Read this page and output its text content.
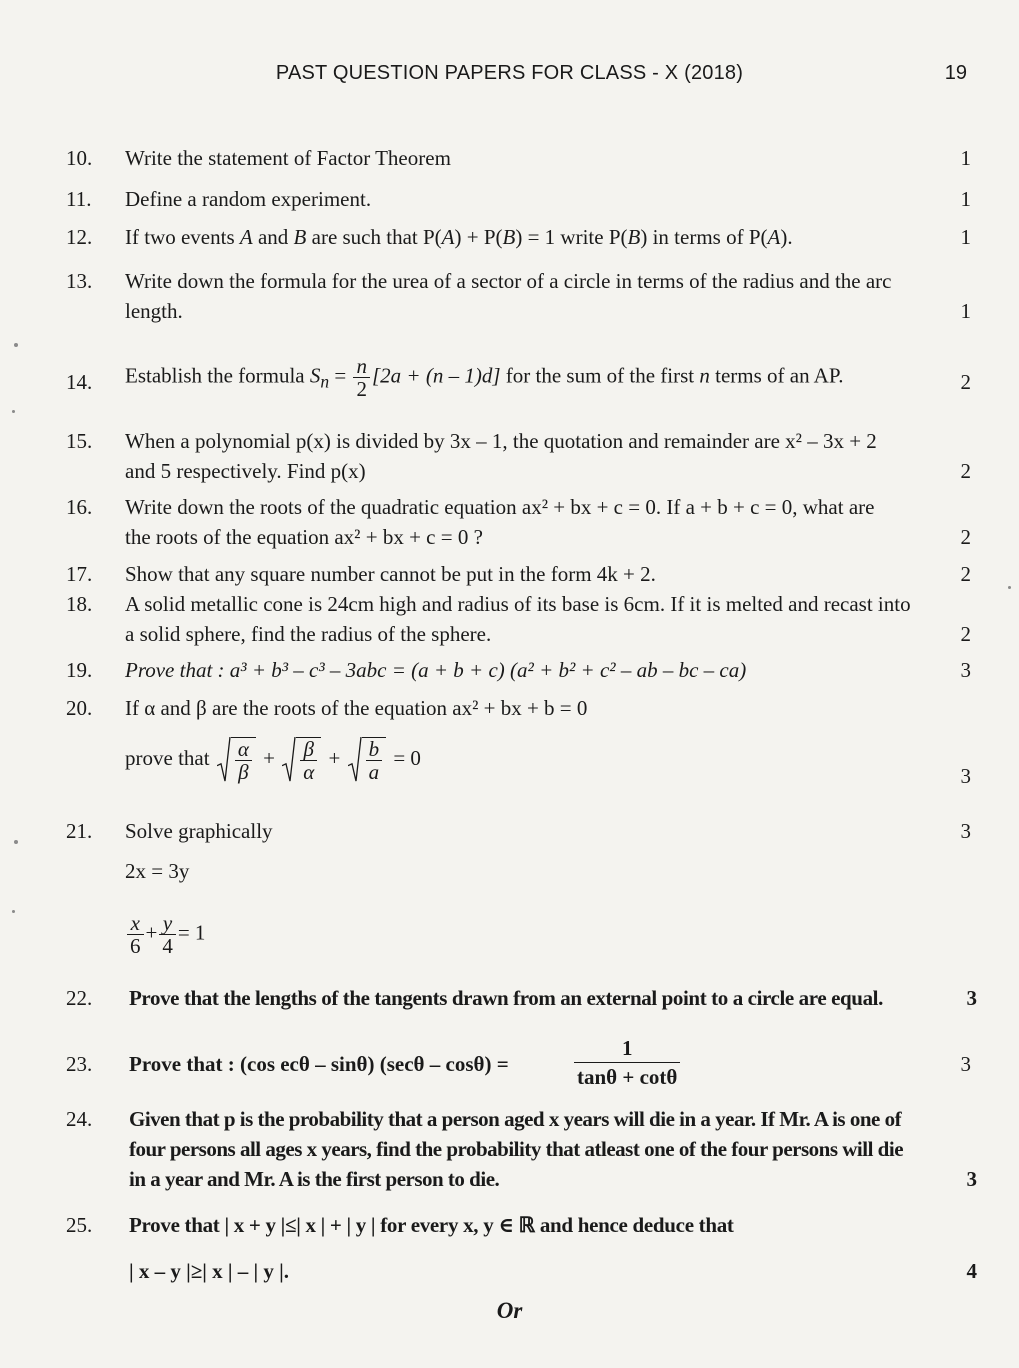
PAST QUESTION PAPERS FOR CLASS - X (2018)	19
10. Write the statement of Factor Theorem	1
11. Define a random experiment.	1
12. If two events A and B are such that P(A) + P(B) = 1 write P(B) in terms of P(A).	1
13. Write down the formula for the urea of a sector of a circle in terms of the radius and the arc
length.	1
14. Establish the formula $S_n = \frac{n}{2} [2a + (n - 1)d]$ for the sum of the first n terms of an AP.	2
15. When a polynomial p(x) is divided by 3x – 1, the quotation and remainder are x² – 3x + 2
and 5 respectively. Find p(x)	2
16. Write down the roots of the quadratic equation ax² + bx + c = 0. If a + b + c = 0, what are
the roots of the equation ax² + bx + c = 0 ?	2
17. Show that any square number cannot be put in the form 4k + 2.	2
18. A solid metallic cone is 24cm high and radius of its base is 6cm. If it is melted and recast into
a solid sphere, find the radius of the sphere.	2
19. Prove that : a³ + b³ – c³ – 3abc = (a + b + c) (a² + b² + c² – ab – bc – ca)	3
20. If α and β are the roots of the equation ax² + bx + b = 0
prove that $\frac{\alpha}{\beta} + \frac{\beta}{\alpha} + \frac{b}{a} = 0$
3
21. Solve graphically
2x = 3y
$\frac{x}{6} + \frac{y}{4} = 1$
3
22. Prove that the lengths of the tangents drawn from an external point to a circle are equal.	3
23. Prove that : (cos ecθ – sinθ) (secθ – cosθ) =	$\frac{1}{\tan\theta + \cot\theta}$	3
24. Given that p is the probability that a person aged x years will die in a year. If Mr. A is one of
four persons all ages x years, find the probability that atleast one of the four persons will die
in a year and Mr. A is the first person to die.	3
25. Prove that | x + y |≤| x | + | y | for every x, y ∈ ℝ and hence deduce that
| x – y |≥| x | – | y |.	4
Or
